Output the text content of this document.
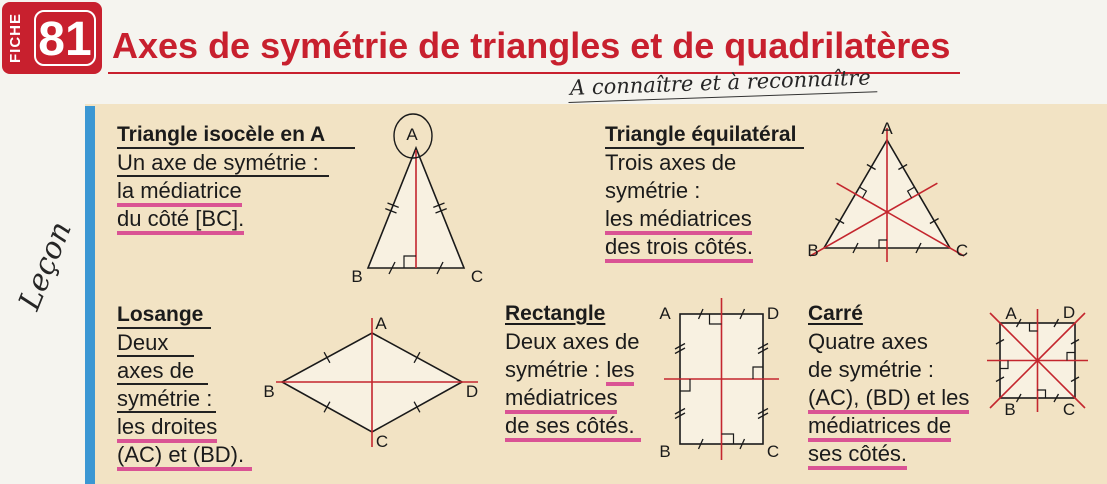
FICHE 81 Axes de symétrie de triangles et de quadrilatères
A connaître et à reconnaître
Leçon
Triangle isocèle en A
Un axe de symétrie :
la médiatrice
du côté [BC].
Triangle équilatéral
Trois axes de
symétrie :
les médiatrices
des trois côtés.
Losange
Deux
axes de
symétrie :
les droites
(AC) et (BD).
Rectangle
Deux axes de
symétrie : les
médiatrices
de ses côtés.
Carré
Quatre axes
de symétrie :
(AC), (BD) et les
médiatrices de
ses côtés.
A
B	C
A
B	C
A
B
C
D
A	D
B	C
A	D
B	C
